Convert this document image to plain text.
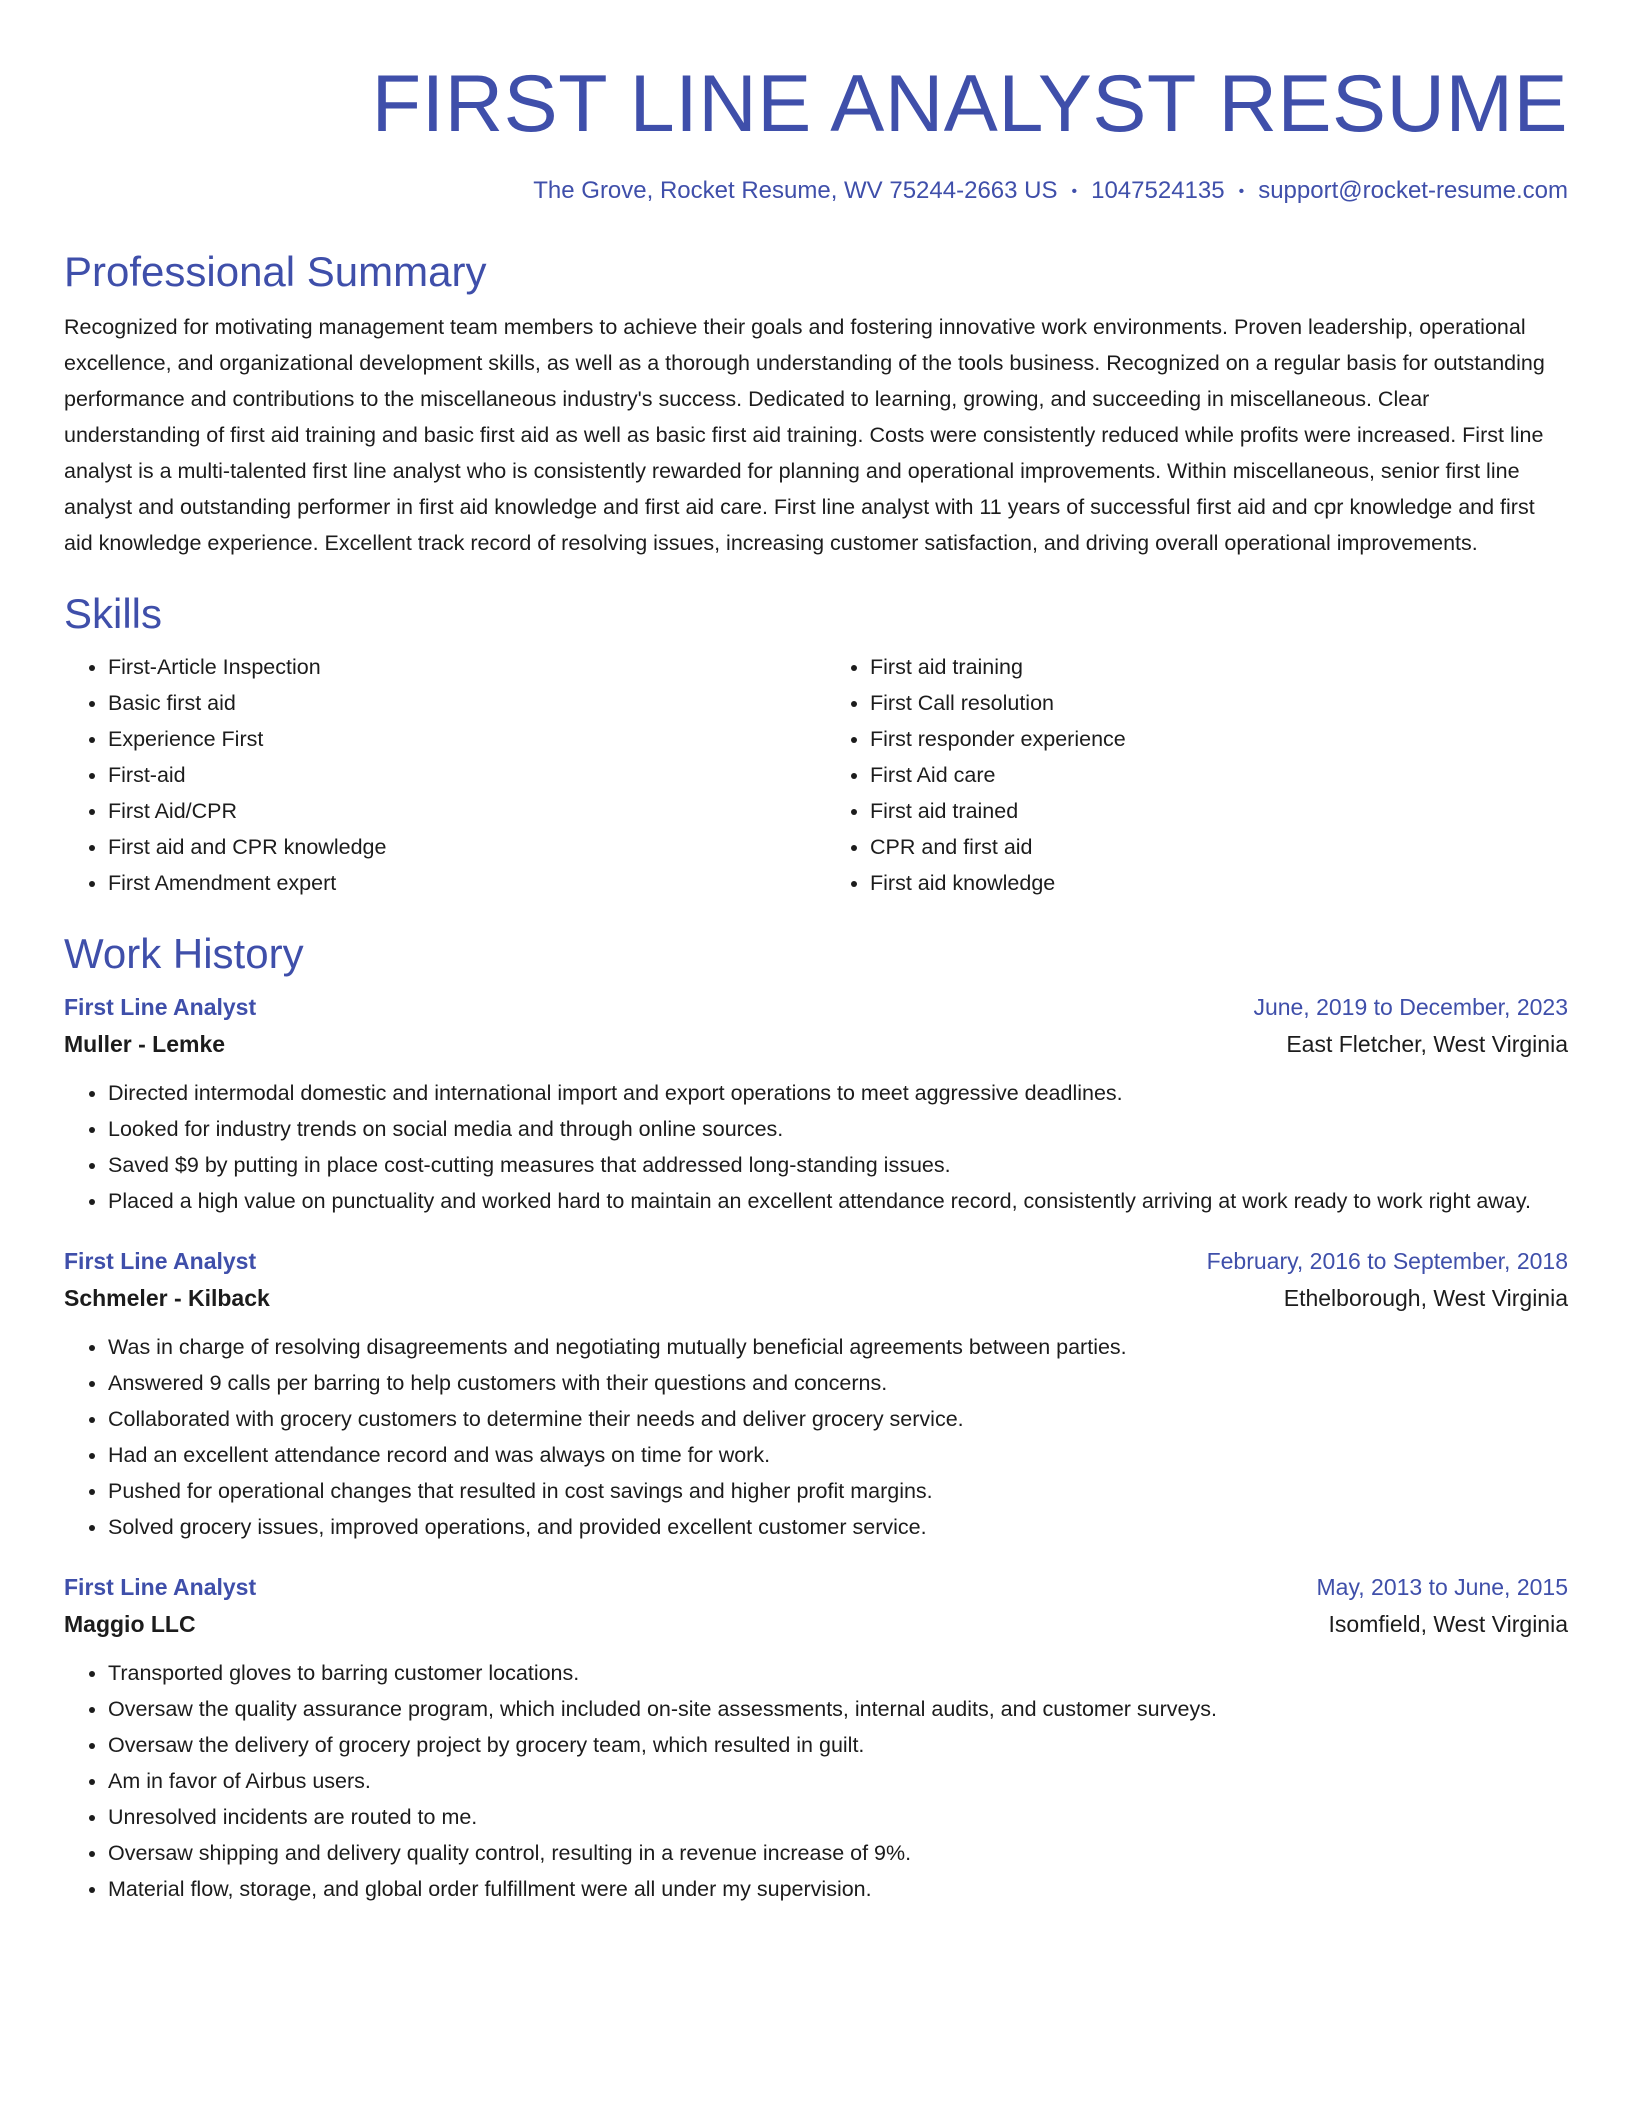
FIRST LINE ANALYST RESUME
The Grove, Rocket Resume, WV 75244-2663 US • 1047524135 • support@rocket-resume.com
Professional Summary
Recognized for motivating management team members to achieve their goals and fostering innovative work environments. Proven leadership, operational excellence, and organizational development skills, as well as a thorough understanding of the tools business. Recognized on a regular basis for outstanding performance and contributions to the miscellaneous industry's success. Dedicated to learning, growing, and succeeding in miscellaneous. Clear understanding of first aid training and basic first aid as well as basic first aid training. Costs were consistently reduced while profits were increased. First line analyst is a multi-talented first line analyst who is consistently rewarded for planning and operational improvements. Within miscellaneous, senior first line analyst and outstanding performer in first aid knowledge and first aid care. First line analyst with 11 years of successful first aid and cpr knowledge and first aid knowledge experience. Excellent track record of resolving issues, increasing customer satisfaction, and driving overall operational improvements.
Skills
• First-Article Inspection
• Basic first aid
• Experience First
• First-aid
• First Aid/CPR
• First aid and CPR knowledge
• First Amendment expert
• First aid training
• First Call resolution
• First responder experience
• First Aid care
• First aid trained
• CPR and first aid
• First aid knowledge
Work History
First Line Analyst	June, 2019 to December, 2023
Muller - Lemke	East Fletcher, West Virginia
• Directed intermodal domestic and international import and export operations to meet aggressive deadlines.
• Looked for industry trends on social media and through online sources.
• Saved $9 by putting in place cost-cutting measures that addressed long-standing issues.
• Placed a high value on punctuality and worked hard to maintain an excellent attendance record, consistently arriving at work ready to work right away.
First Line Analyst	February, 2016 to September, 2018
Schmeler - Kilback	Ethelborough, West Virginia
• Was in charge of resolving disagreements and negotiating mutually beneficial agreements between parties.
• Answered 9 calls per barring to help customers with their questions and concerns.
• Collaborated with grocery customers to determine their needs and deliver grocery service.
• Had an excellent attendance record and was always on time for work.
• Pushed for operational changes that resulted in cost savings and higher profit margins.
• Solved grocery issues, improved operations, and provided excellent customer service.
First Line Analyst	May, 2013 to June, 2015
Maggio LLC	Isomfield, West Virginia
• Transported gloves to barring customer locations.
• Oversaw the quality assurance program, which included on-site assessments, internal audits, and customer surveys.
• Oversaw the delivery of grocery project by grocery team, which resulted in guilt.
• Am in favor of Airbus users.
• Unresolved incidents are routed to me.
• Oversaw shipping and delivery quality control, resulting in a revenue increase of 9%.
• Material flow, storage, and global order fulfillment were all under my supervision.
